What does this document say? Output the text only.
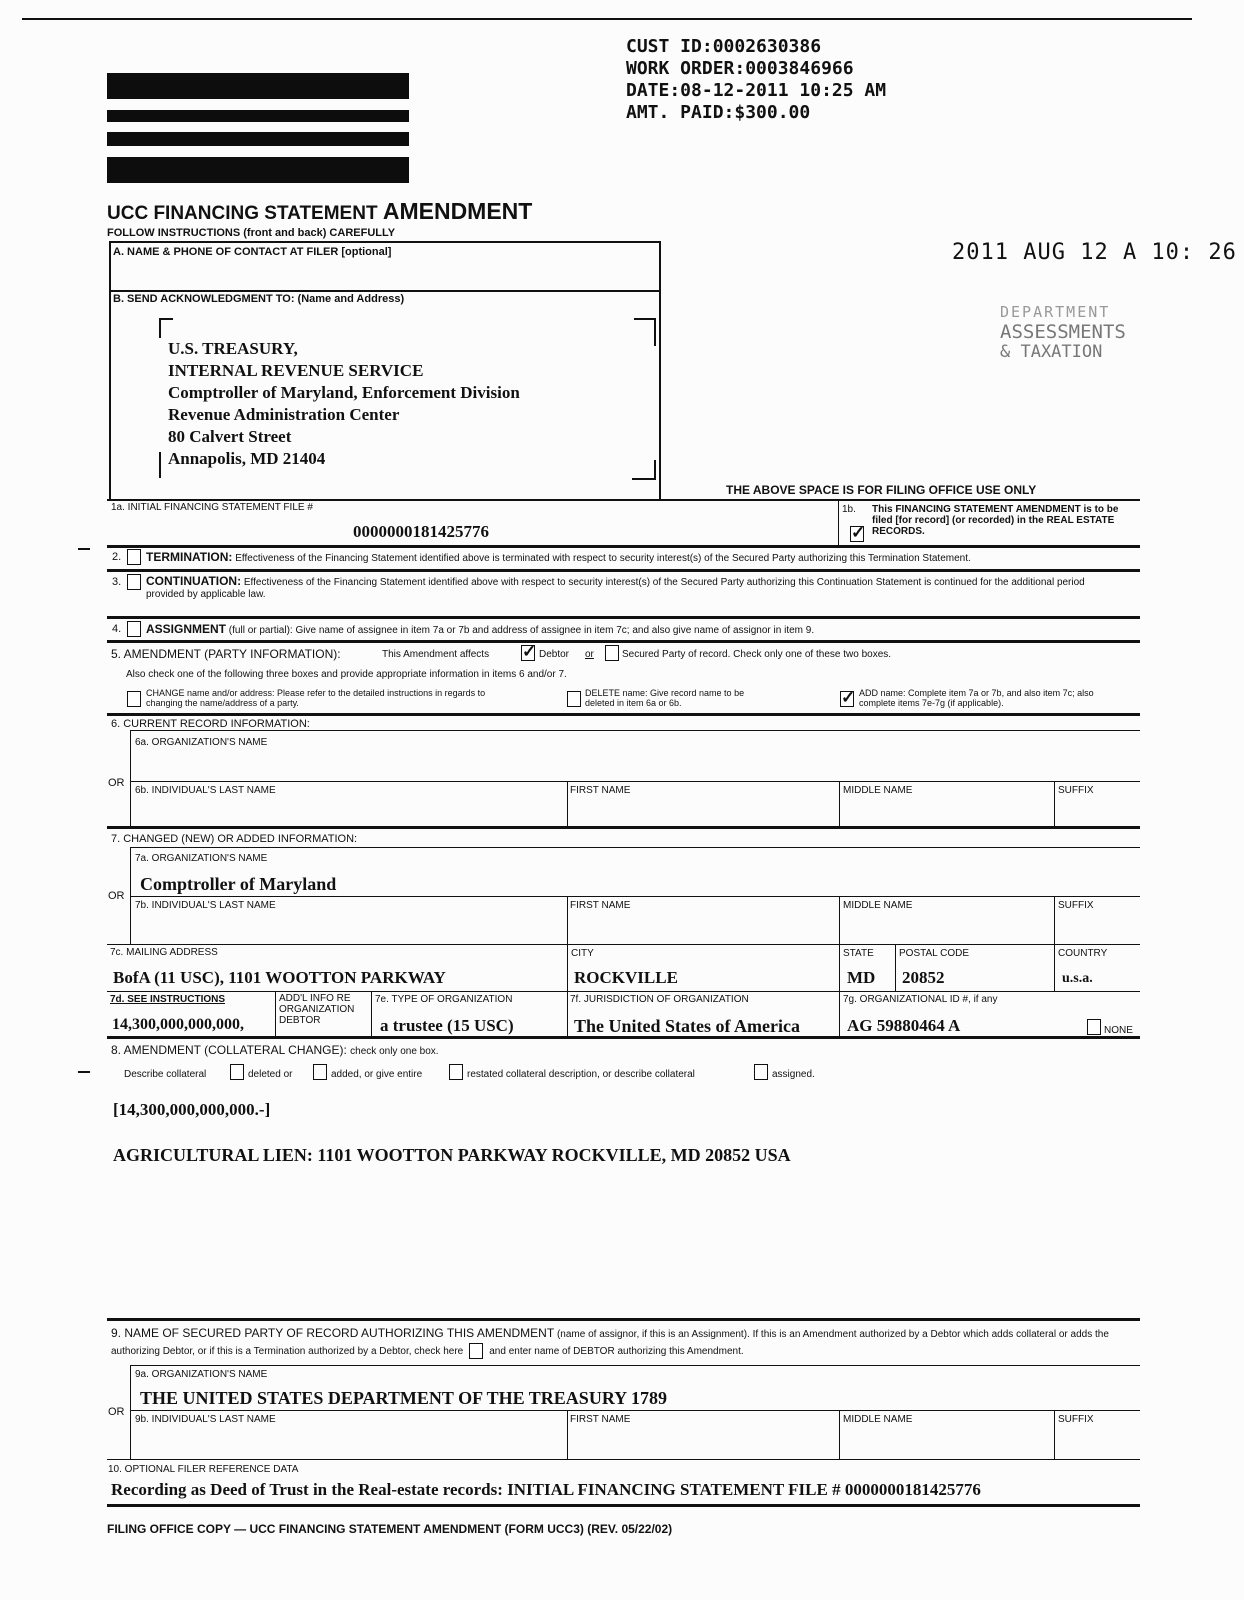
CUST ID:0002630386
WORK ORDER:0003846966
DATE:08-12-2011 10:25 AM
AMT. PAID:$300.00
2011 AUG 12 A 10: 26
DEPARTMENT
ASSESSMENTS
& TAXATION
UCC FINANCING STATEMENT AMENDMENT
FOLLOW INSTRUCTIONS (front and back) CAREFULLY
A. NAME & PHONE OF CONTACT AT FILER [optional]
B. SEND ACKNOWLEDGMENT TO: (Name and Address)
U.S. TREASURY,
INTERNAL REVENUE SERVICE
Comptroller of Maryland, Enforcement Division
Revenue Administration Center
80 Calvert Street
Annapolis, MD 21404
THE ABOVE SPACE IS FOR FILING OFFICE USE ONLY
1a. INITIAL FINANCING STATEMENT FILE #
0000000181425776
1b. This FINANCING STATEMENT AMENDMENT is to be filed [for record] (or recorded) in the REAL ESTATE RECORDS.
✓
2. TERMINATION: Effectiveness of the Financing Statement identified above is terminated with respect to security interest(s) of the Secured Party authorizing this Termination Statement.
3. CONTINUATION: Effectiveness of the Financing Statement identified above with respect to security interest(s) of the Secured Party authorizing this Continuation Statement is continued for the additional period provided by applicable law.
4. ASSIGNMENT (full or partial): Give name of assignee in item 7a or 7b and address of assignee in item 7c; and also give name of assignor in item 9.
5. AMENDMENT (PARTY INFORMATION):	This Amendment affects
✓	Debtor or	Secured Party of record. Check only one of these two boxes.
Also check one of the following three boxes and provide appropriate information in items 6 and/or 7.
CHANGE name and/or address: Please refer to the detailed instructions in regards to changing the name/address of a party.
DELETE name: Give record name to be deleted in item 6a or 6b.
✓
ADD name: Complete item 7a or 7b, and also item 7c; also complete items 7e-7g (if applicable).
6. CURRENT RECORD INFORMATION:
6a. ORGANIZATION'S NAME
OR
6b. INDIVIDUAL'S LAST NAME	FIRST NAME	MIDDLE NAME	SUFFIX
7. CHANGED (NEW) OR ADDED INFORMATION:
7a. ORGANIZATION'S NAME
Comptroller of Maryland
OR
7b. INDIVIDUAL'S LAST NAME	FIRST NAME	MIDDLE NAME	SUFFIX
7c. MAILING ADDRESS
BofA (11 USC), 1101 WOOTTON PARKWAY
CITY
ROCKVILLE
STATE
MD
POSTAL CODE
20852
COUNTRY
u.s.a.
7d. SEE INSTRUCTIONS
14,300,000,000,000,
ADD'L INFO RE ORGANIZATION DEBTOR
7e. TYPE OF ORGANIZATION
a trustee (15 USC)
7f. JURISDICTION OF ORGANIZATION
The United States of America
7g. ORGANIZATIONAL ID #, if any
AG 59880464 A	NONE
8. AMENDMENT (COLLATERAL CHANGE): check only one box.
Describe collateral	deleted or	added, or give entire	restated collateral description, or describe collateral	assigned.
[14,300,000,000,000.-]
AGRICULTURAL LIEN: 1101 WOOTTON PARKWAY ROCKVILLE, MD 20852 USA
9. NAME OF SECURED PARTY OF RECORD AUTHORIZING THIS AMENDMENT (name of assignor, if this is an Assignment). If this is an Amendment authorized by a Debtor which adds collateral or adds the authorizing Debtor, or if this is a Termination authorized by a Debtor, check here	and enter name of DEBTOR authorizing this Amendment.
9a. ORGANIZATION'S NAME
THE UNITED STATES DEPARTMENT OF THE TREASURY 1789
OR
9b. INDIVIDUAL'S LAST NAME	FIRST NAME	MIDDLE NAME	SUFFIX
10. OPTIONAL FILER REFERENCE DATA
Recording as Deed of Trust in the Real-estate records: INITIAL FINANCING STATEMENT FILE # 0000000181425776
FILING OFFICE COPY — UCC FINANCING STATEMENT AMENDMENT (FORM UCC3) (REV. 05/22/02)
